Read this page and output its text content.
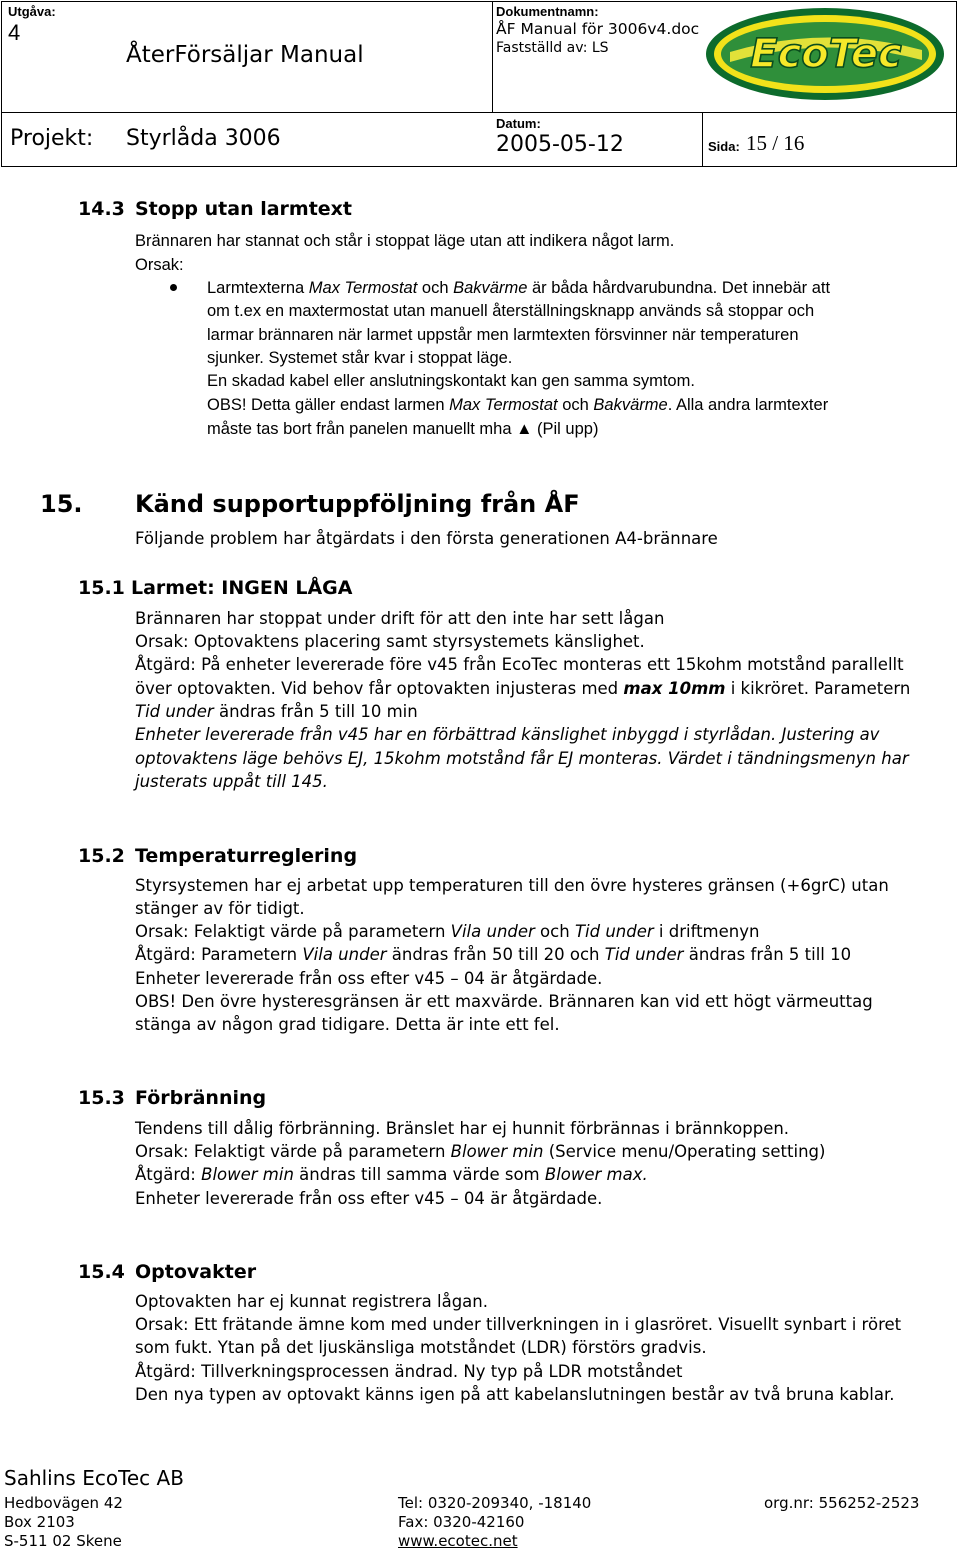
Utgåva:
4
ÅterFörsäljar Manual
Dokumentnamn:
ÅF Manual för 3006v4.doc
Fastställd av: LS	EcoTec
Projekt: Styrlåda 3006
Datum:
2005-05-12	Sida: 15 / 16
14.3 Stopp utan larmtext
Brännaren har stannat och står i stoppat läge utan att indikera något larm.
Orsak:
Larmtexterna Max Termostat och Bakvärme är båda hårdvarubundna. Det innebär att
om t.ex en maxtermostat utan manuell återställningsknapp används så stoppar och
larmar brännaren när larmet uppstår men larmtexten försvinner när temperaturen
sjunker. Systemet står kvar i stoppat läge.
En skadad kabel eller anslutningskontakt kan gen samma symtom.
OBS! Detta gäller endast larmen Max Termostat och Bakvärme. Alla andra larmtexter
måste tas bort från panelen manuellt mha ▲ (Pil upp)
15. Känd supportuppföljning från ÅF
Följande problem har åtgärdats i den första generationen A4-brännare
15.1 Larmet: INGEN LÅGA
Brännaren har stoppat under drift för att den inte har sett lågan
Orsak: Optovaktens placering samt styrsystemets känslighet.
Åtgärd: På enheter levererade före v45 från EcoTec monteras ett 15kohm motstånd parallellt
över optovakten. Vid behov får optovakten injusteras med max 10mm i kikröret. Parametern
Tid under ändras från 5 till 10 min
Enheter levererade från v45 har en förbättrad känslighet inbyggd i styrlådan. Justering av
optovaktens läge behövs EJ, 15kohm motstånd får EJ monteras. Värdet i tändningsmenyn har
justerats uppåt till 145.
15.2 Temperaturreglering
Styrsystemen har ej arbetat upp temperaturen till den övre hysteres gränsen (+6grC) utan
stänger av för tidigt.
Orsak: Felaktigt värde på parametern Vila under och Tid under i driftmenyn
Åtgärd: Parametern Vila under ändras från 50 till 20 och Tid under ändras från 5 till 10
Enheter levererade från oss efter v45 – 04 är åtgärdade.
OBS! Den övre hysteresgränsen är ett maxvärde. Brännaren kan vid ett högt värmeuttag
stänga av någon grad tidigare. Detta är inte ett fel.
15.3 Förbränning
Tendens till dålig förbränning. Bränslet har ej hunnit förbrännas i brännkoppen.
Orsak: Felaktigt värde på parametern Blower min (Service menu/Operating setting)
Åtgärd: Blower min ändras till samma värde som Blower max.
Enheter levererade från oss efter v45 – 04 är åtgärdade.
15.4 Optovakter
Optovakten har ej kunnat registrera lågan.
Orsak: Ett frätande ämne kom med under tillverkningen in i glasröret. Visuellt synbart i röret
som fukt. Ytan på det ljuskänsliga motståndet (LDR) förstörs gradvis.
Åtgärd: Tillverkningsprocessen ändrad. Ny typ på LDR motståndet
Den nya typen av optovakt känns igen på att kabelanslutningen består av två bruna kablar.
Sahlins EcoTec AB
Hedbovägen 42
Box 2103
S-511 02 Skene
Tel: 0320-209340, -18140
Fax: 0320-42160
www.ecotec.net
org.nr: 556252-2523
